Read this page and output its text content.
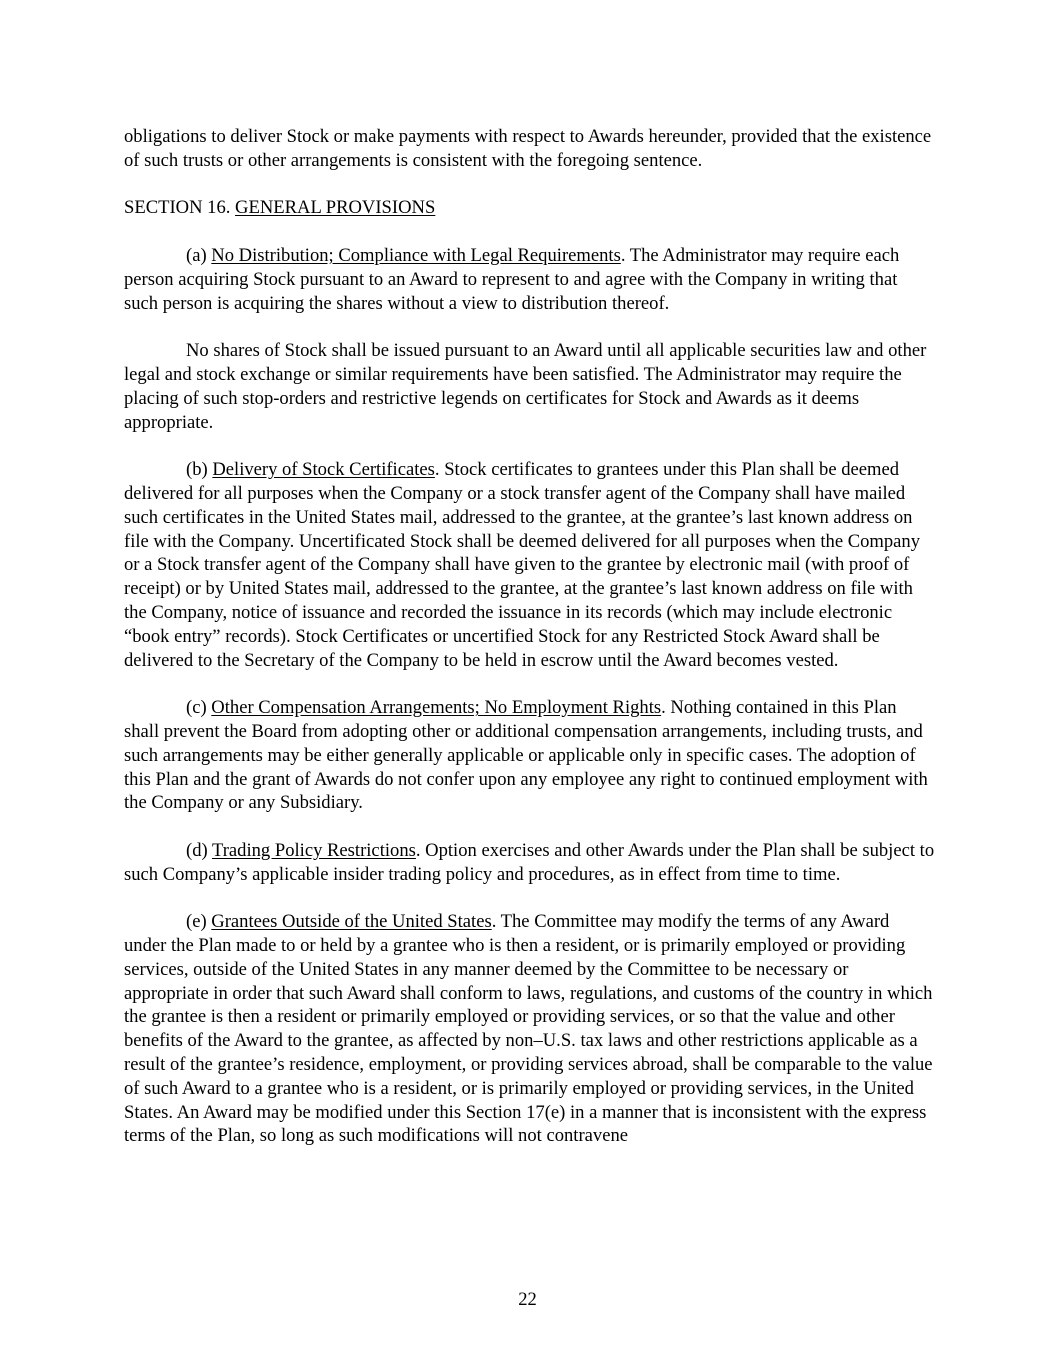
obligations to deliver Stock or make payments with respect to Awards hereunder, provided that the existence of such trusts or other arrangements is consistent with the foregoing sentence.

SECTION 16. GENERAL PROVISIONS

(a) No Distribution; Compliance with Legal Requirements. The Administrator may require each person acquiring Stock pursuant to an Award to represent to and agree with the Company in writing that such person is acquiring the shares without a view to distribution thereof.

No shares of Stock shall be issued pursuant to an Award until all applicable securities law and other legal and stock exchange or similar requirements have been satisfied. The Administrator may require the placing of such stop-orders and restrictive legends on certificates for Stock and Awards as it deems appropriate.

(b) Delivery of Stock Certificates. Stock certificates to grantees under this Plan shall be deemed delivered for all purposes when the Company or a stock transfer agent of the Company shall have mailed such certificates in the United States mail, addressed to the grantee, at the grantee’s last known address on file with the Company. Uncertificated Stock shall be deemed delivered for all purposes when the Company or a Stock transfer agent of the Company shall have given to the grantee by electronic mail (with proof of receipt) or by United States mail, addressed to the grantee, at the grantee’s last known address on file with the Company, notice of issuance and recorded the issuance in its records (which may include electronic “book entry” records). Stock Certificates or uncertified Stock for any Restricted Stock Award shall be delivered to the Secretary of the Company to be held in escrow until the Award becomes vested.

(c) Other Compensation Arrangements; No Employment Rights. Nothing contained in this Plan shall prevent the Board from adopting other or additional compensation arrangements, including trusts, and such arrangements may be either generally applicable or applicable only in specific cases. The adoption of this Plan and the grant of Awards do not confer upon any employee any right to continued employment with the Company or any Subsidiary.

(d) Trading Policy Restrictions. Option exercises and other Awards under the Plan shall be subject to such Company’s applicable insider trading policy and procedures, as in effect from time to time.

(e) Grantees Outside of the United States. The Committee may modify the terms of any Award under the Plan made to or held by a grantee who is then a resident, or is primarily employed or providing services, outside of the United States in any manner deemed by the Committee to be necessary or appropriate in order that such Award shall conform to laws, regulations, and customs of the country in which the grantee is then a resident or primarily employed or providing services, or so that the value and other benefits of the Award to the grantee, as affected by non–U.S. tax laws and other restrictions applicable as a result of the grantee’s residence, employment, or providing services abroad, shall be comparable to the value of such Award to a grantee who is a resident, or is primarily employed or providing services, in the United States. An Award may be modified under this Section 17(e) in a manner that is inconsistent with the express terms of the Plan, so long as such modifications will not contravene

22
